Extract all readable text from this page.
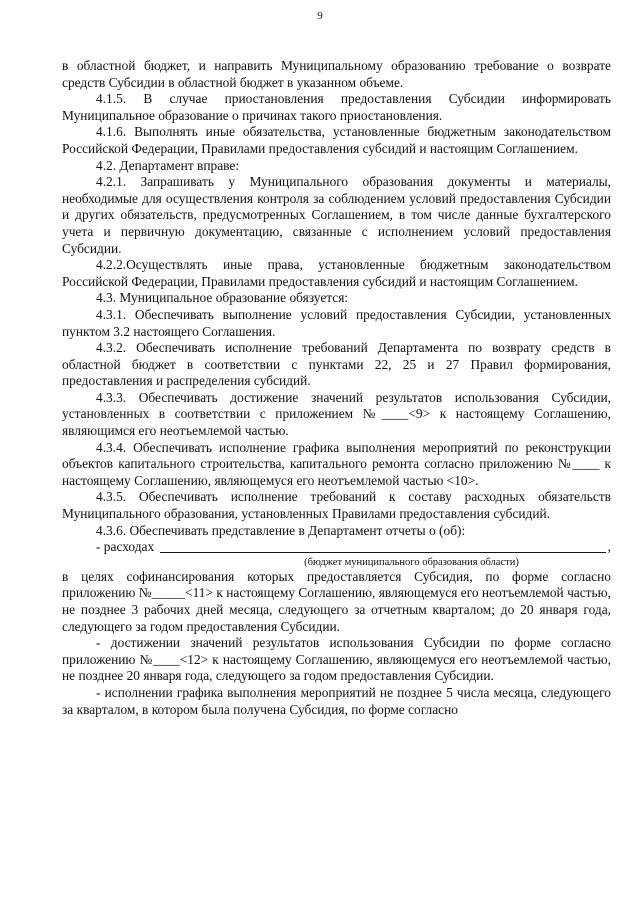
9

в областной бюджет, и направить Муниципальному образованию требование о возврате средств Субсидии в областной бюджет в указанном объеме.

4.1.5. В случае приостановления предоставления Субсидии информировать Муниципальное образование о причинах такого приостановления.

4.1.6. Выполнять иные обязательства, установленные бюджетным законодательством Российской Федерации, Правилами предоставления субсидий и настоящим Соглашением.

4.2. Департамент вправе:

4.2.1. Запрашивать у Муниципального образования документы и материалы, необходимые для осуществления контроля за соблюдением условий предоставления Субсидии и других обязательств, предусмотренных Соглашением, в том числе данные бухгалтерского учета и первичную документацию, связанные с исполнением условий предоставления Субсидии.

4.2.2.Осуществлять иные права, установленные бюджетным законодательством Российской Федерации, Правилами предоставления субсидий и настоящим Соглашением.

4.3. Муниципальное образование обязуется:

4.3.1. Обеспечивать выполнение условий предоставления Субсидии, установленных пунктом 3.2 настоящего Соглашения.

4.3.2. Обеспечивать исполнение требований Департамента по возврату средств в областной бюджет в соответствии с пунктами 22, 25 и 27 Правил формирования, предоставления и распределения субсидий.

4.3.3. Обеспечивать достижение значений результатов использования Субсидии, установленных в соответствии с приложением №____<9> к настоящему Соглашению, являющимся его неотъемлемой частью.

4.3.4. Обеспечивать исполнение графика выполнения мероприятий по реконструкции объектов капитального строительства, капитального ремонта согласно приложению №____ к настоящему Соглашению, являющемуся его неотъемлемой частью <10>.

4.3.5. Обеспечивать исполнение требований к составу расходных обязательств Муниципального образования, установленных Правилами предоставления субсидий.

4.3.6. Обеспечивать представление в Департамент отчеты о (об):

- расходах	,
(бюджет муниципального образования области)

в целях софинансирования которых предоставляется Субсидия, по форме согласно приложению №_____<11> к настоящему Соглашению, являющемуся его неотъемлемой частью, не позднее 3 рабочих дней месяца, следующего за отчетным кварталом; до 20 января года, следующего за годом предоставления Субсидии.

- достижении значений результатов использования Субсидии по форме согласно приложению №____<12> к настоящему Соглашению, являющемуся его неотъемлемой частью, не позднее 20 января года, следующего за годом предоставления Субсидии.

- исполнении графика выполнения мероприятий не позднее 5 числа месяца, следующего за кварталом, в котором была получена Субсидия, по форме согласно
